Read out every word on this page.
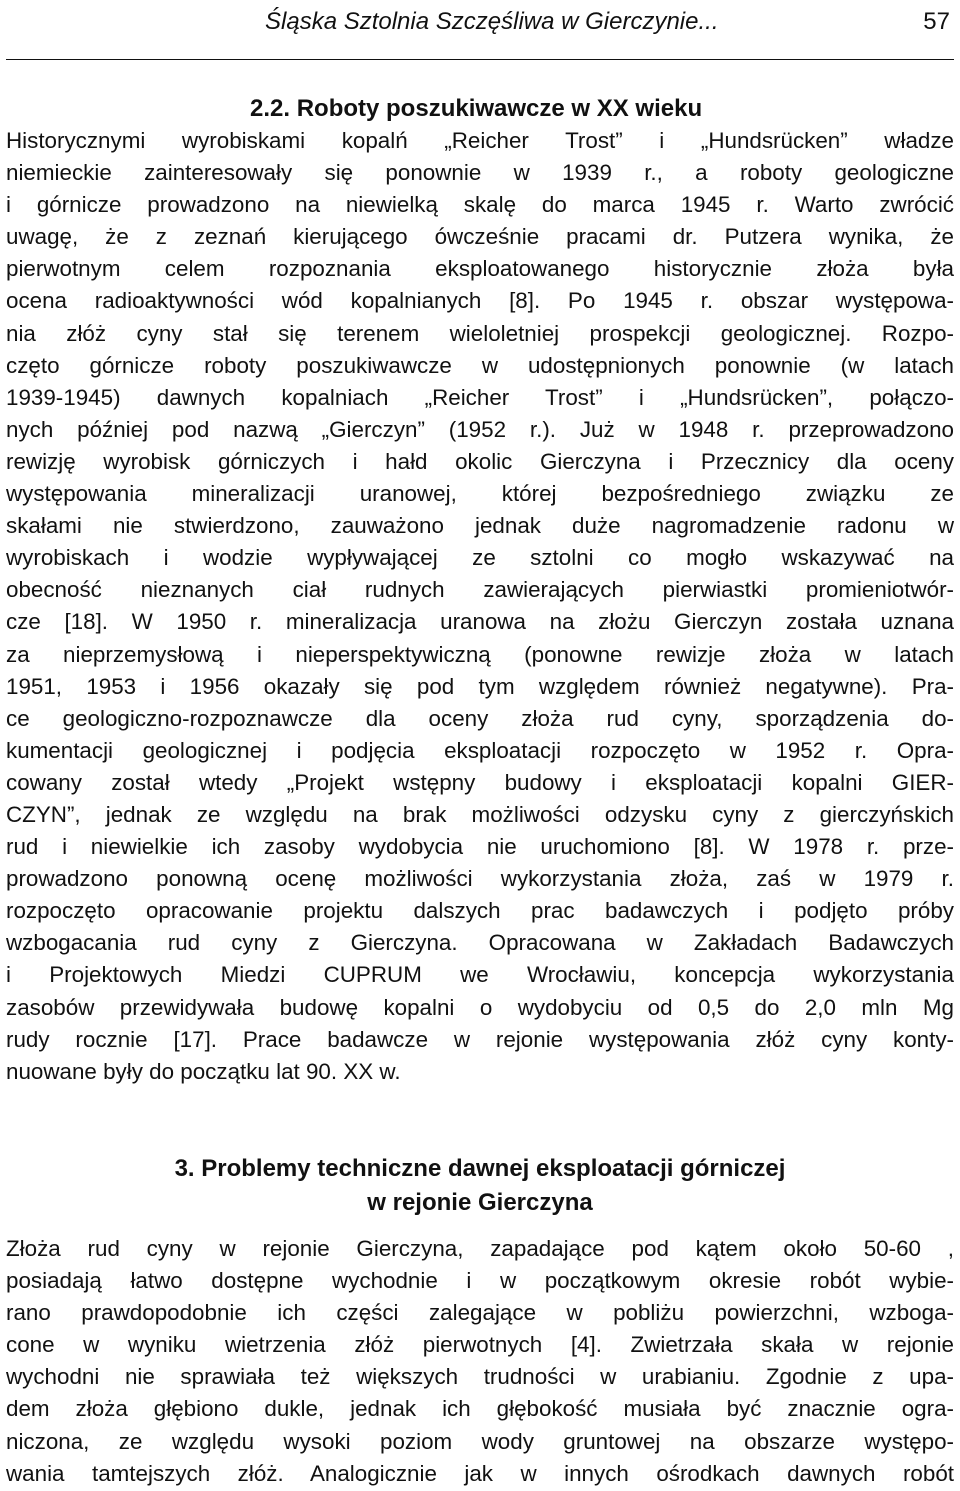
Śląska Sztolnia Szczęśliwa w Gierczynie...	57
2.2. Roboty poszukiwawcze w XX wieku
Historycznymi wyrobiskami kopalń „Reicher Trost” i „Hundsrücken” władze
niemieckie zainteresowały się ponownie w 1939 r., a roboty geologiczne
i górnicze prowadzono na niewielką skalę do marca 1945 r. Warto zwrócić
uwagę, że z zeznań kierującego ówcześnie pracami dr. Putzera wynika, że
pierwotnym celem rozpoznania eksploatowanego historycznie złoża była
ocena radioaktywności wód kopalnianych [8]. Po 1945 r. obszar występowa-
nia złóż cyny stał się terenem wieloletniej prospekcji geologicznej. Rozpo-
częto górnicze roboty poszukiwawcze w udostępnionych ponownie (w latach
1939-1945) dawnych kopalniach „Reicher Trost” i „Hundsrücken”, połączo-
nych później pod nazwą „Gierczyn” (1952 r.). Już w 1948 r. przeprowadzono
rewizję wyrobisk górniczych i hałd okolic Gierczyna i Przecznicy dla oceny
występowania mineralizacji uranowej, której bezpośredniego związku ze
skałami nie stwierdzono, zauważono jednak duże nagromadzenie radonu w
wyrobiskach i wodzie wypływającej ze sztolni co mogło wskazywać na
obecność nieznanych ciał rudnych zawierających pierwiastki promieniotwór-
cze [18]. W 1950 r. mineralizacja uranowa na złożu Gierczyn została uznana
za nieprzemysłową i nieperspektywiczną (ponowne rewizje złoża w latach
1951, 1953 i 1956 okazały się pod tym względem również negatywne). Pra-
ce geologiczno-rozpoznawcze dla oceny złoża rud cyny, sporządzenia do-
kumentacji geologicznej i podjęcia eksploatacji rozpoczęto w 1952 r. Opra-
cowany został wtedy „Projekt wstępny budowy i eksploatacji kopalni GIER-
CZYN”, jednak ze względu na brak możliwości odzysku cyny z gierczyńskich
rud i niewielkie ich zasoby wydobycia nie uruchomiono [8]. W 1978 r. prze-
prowadzono ponowną ocenę możliwości wykorzystania złoża, zaś w 1979 r.
rozpoczęto opracowanie projektu dalszych prac badawczych i podjęto próby
wzbogacania rud cyny z Gierczyna. Opracowana w Zakładach Badawczych
i Projektowych Miedzi CUPRUM we Wrocławiu, koncepcja wykorzystania
zasobów przewidywała budowę kopalni o wydobyciu od 0,5 do 2,0 mln Mg
rudy rocznie [17]. Prace badawcze w rejonie występowania złóż cyny konty-
nuowane były do początku lat 90. XX w.
3. Problemy techniczne dawnej eksploatacji górniczej
w rejonie Gierczyna
Złoża rud cyny w rejonie Gierczyna, zapadające pod kątem około 50-60 ,
posiadają łatwo dostępne wychodnie i w początkowym okresie robót wybie-
rano prawdopodobnie ich części zalegające w pobliżu powierzchni, wzboga-
cone w wyniku wietrzenia złóż pierwotnych [4]. Zwietrzała skała w rejonie
wychodni nie sprawiała też większych trudności w urabianiu. Zgodnie z upa-
dem złoża głębiono dukle, jednak ich głębokość musiała być znacznie ogra-
niczona, ze względu wysoki poziom wody gruntowej na obszarze występo-
wania tamtejszych złóż. Analogicznie jak w innych ośrodkach dawnych robót
